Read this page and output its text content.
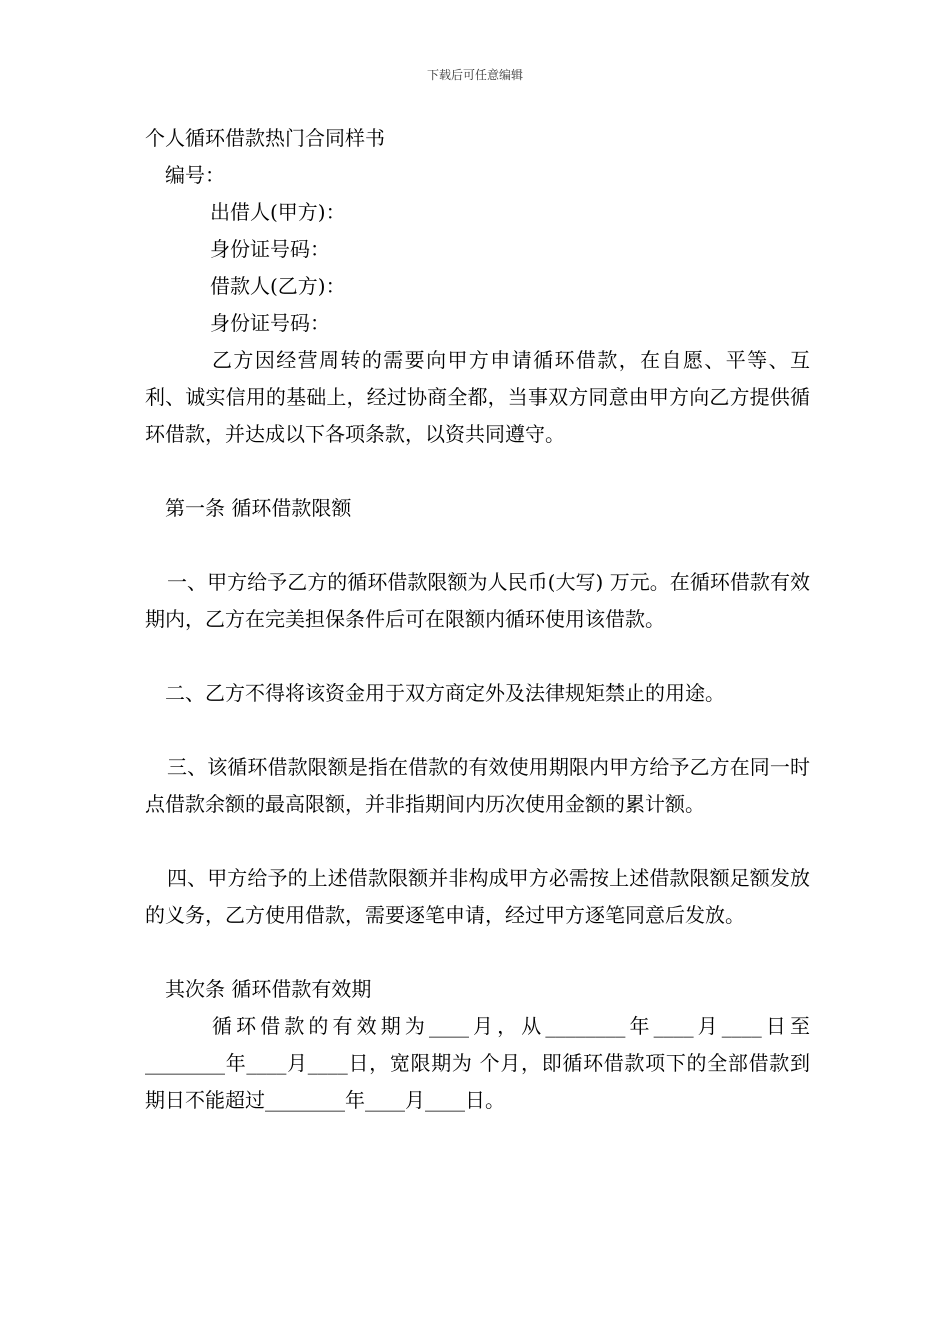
下载后可任意编辑
个人循环借款热门合同样书
编号：
出借人(甲方)：
身份证号码：
借款人(乙方)：
身份证号码：
乙方因经营周转的需要向甲方申请循环借款，在自愿、平等、互利、诚实信用的基础上，经过协商全都，当事双方同意由甲方向乙方提供循环借款，并达成以下各项条款，以资共同遵守。
第一条 循环借款限额
一、甲方给予乙方的循环借款限额为人民币(大写) 万元。在循环借款有效期内，乙方在完美担保条件后可在限额内循环使用该借款。
二、乙方不得将该资金用于双方商定外及法律规矩禁止的用途。
三、该循环借款限额是指在借款的有效使用期限内甲方给予乙方在同一时点借款余额的最高限额，并非指期间内历次使用金额的累计额。
四、甲方给予的上述借款限额并非构成甲方必需按上述借款限额足额发放的义务，乙方使用借款，需要逐笔申请，经过甲方逐笔同意后发放。
其次条 循环借款有效期
循环借款的有效期为____月，从________年____月____日至________年____月____日，宽限期为 个月，即循环借款项下的全部借款到期日不能超过________年____月____日。
